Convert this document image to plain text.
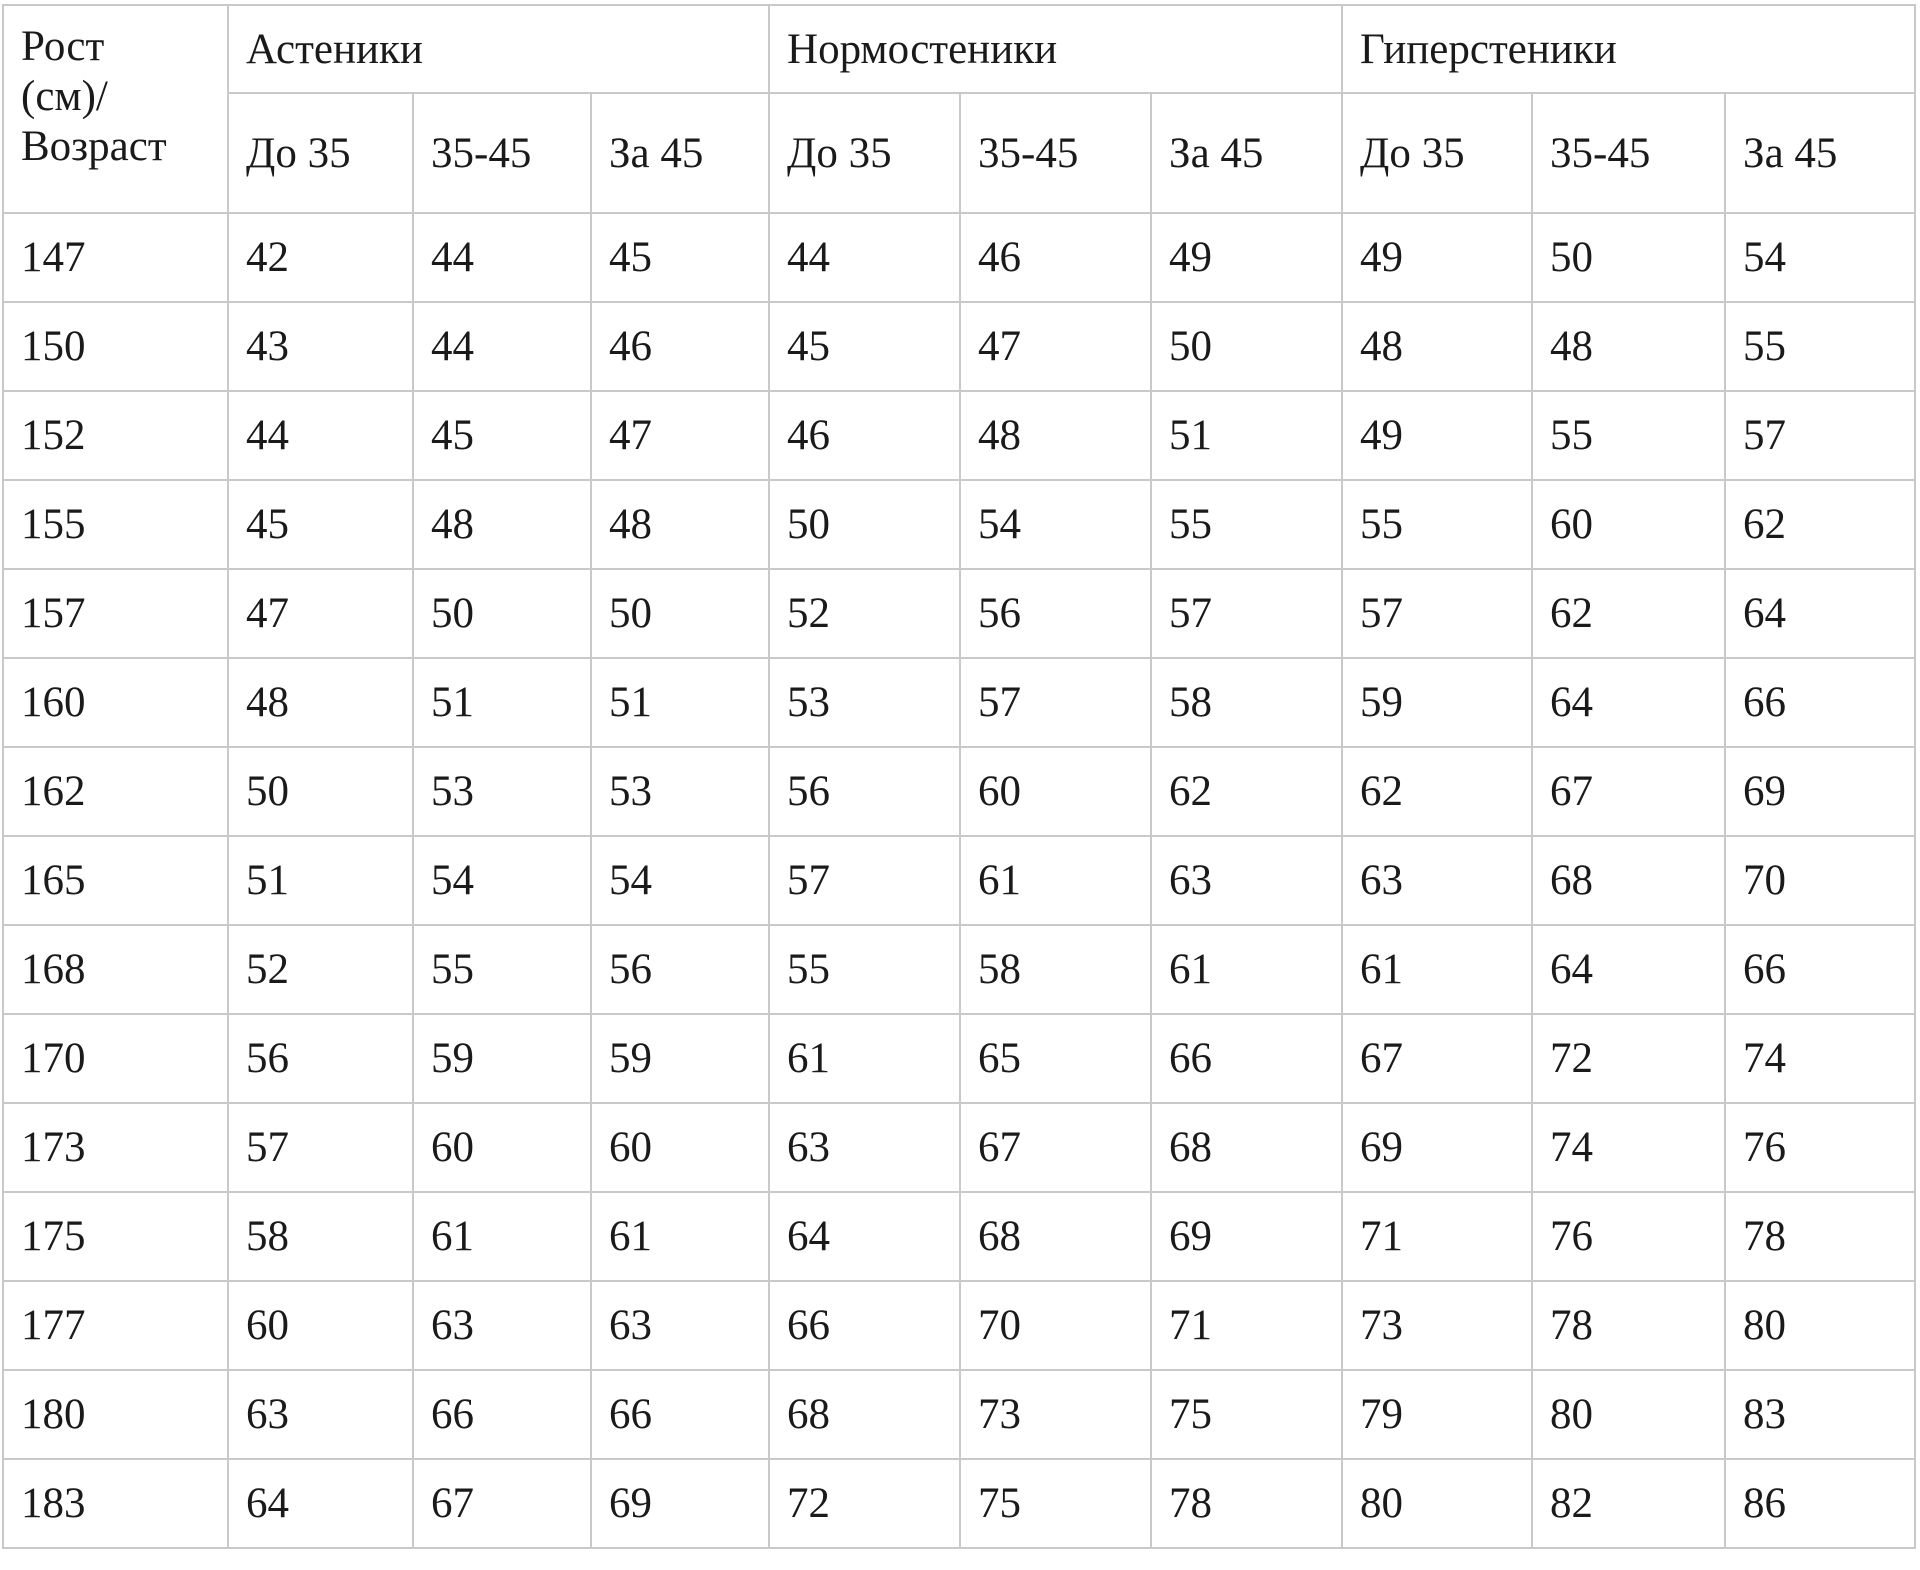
Рост
(см)/
Возраст	Астеники			Нормостеники			Гиперстеники		
	До 35	35-45	За 45	До 35	35-45	За 45	До 35	35-45	За 45
147	42	44	45	44	46	49	49	50	54
150	43	44	46	45	47	50	48	48	55
152	44	45	47	46	48	51	49	55	57
155	45	48	48	50	54	55	55	60	62
157	47	50	50	52	56	57	57	62	64
160	48	51	51	53	57	58	59	64	66
162	50	53	53	56	60	62	62	67	69
165	51	54	54	57	61	63	63	68	70
168	52	55	56	55	58	61	61	64	66
170	56	59	59	61	65	66	67	72	74
173	57	60	60	63	67	68	69	74	76
175	58	61	61	64	68	69	71	76	78
177	60	63	63	66	70	71	73	78	80
180	63	66	66	68	73	75	79	80	83
183	64	67	69	72	75	78	80	82	86
